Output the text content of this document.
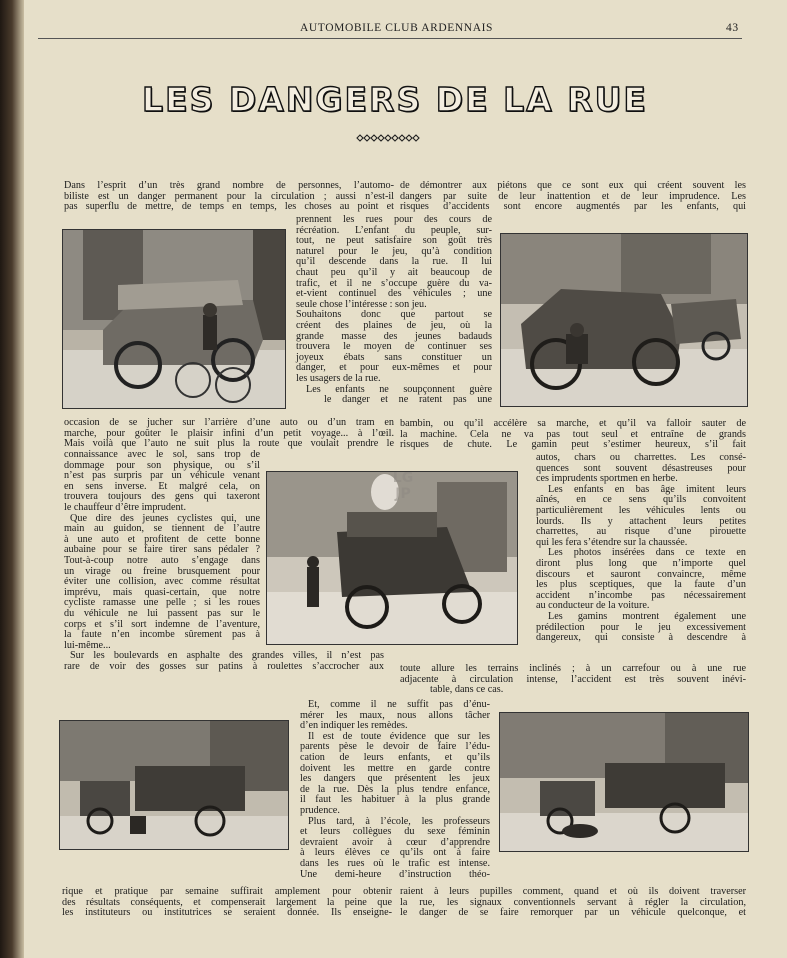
AUTOMOBILE CLUB ARDENNAIS	43
LES DANGERS DE LA RUE
LG JP

Dans l’esprit d’un très grand nombre de personnes, l’automo-

biliste est un danger permanent pour la circulation ; aussi n’est-il

pas superflu de mettre, de temps en temps, les choses au point et

de démontrer aux piétons que ce sont eux qui créent souvent les

dangers par suite de leur inattention et de leur imprudence. Les

risques d’accidents sont encore augmentés par les enfants, qui

prennent les rues pour des cours de

récréation. L’enfant du peuple, sur-

tout, ne peut satisfaire son goût très

naturel pour le jeu, qu’à condition

qu’il descende dans la rue. Il lui

chaut peu qu’il y ait beaucoup de

trafic, et il ne s’occupe guère du va-

et-vient continuel des véhicules ; une

seule chose l’intéresse : son jeu.

Souhaitons donc que partout se

créent des plaines de jeu, où la

grande masse des jeunes badauds

trouvera le moyen de continuer ses

joyeux ébats sans constituer un

danger, et pour eux-mêmes et pour

les usagers de la rue.

Les enfants ne soupçonnent guère

le danger et ne ratent pas une

occasion de se jucher sur l’arrière d’une auto ou d’un tram en

marche, pour goûter le plaisir infini d’un petit voyage... à l’œil.

Mais voilà que l’auto ne suit plus la route que voulait prendre le

bambin, ou qu’il accélère sa marche, et qu’il va falloir sauter de

la machine. Cela ne va pas tout seul et entraîne de grands

risques de chute. Le gamin peut s’estimer heureux, s’il fait

connaissance avec le sol, sans trop de

dommage pour son physique, ou s’il

n’est pas surpris par un véhicule venant

en sens inverse. Et malgré cela, on

trouvera toujours des gens qui taxeront

le chauffeur d’être imprudent.

Que dire des jeunes cyclistes qui, une

main au guidon, se tiennent de l’autre

à une auto et profitent de cette bonne

aubaine pour se faire tirer sans pédaler ?

Tout-à-coup notre auto s’engage dans

un virage ou freine brusquement pour

éviter une collision, avec comme résultat

imprévu, mais quasi-certain, que notre

cycliste ramasse une pelle ; si les roues

du véhicule ne lui passent pas sur le

corps et s’il sort indemne de l’aventure,

la faute n’en incombe sûrement pas à

lui-même...

Sur les boulevards en asphalte des grandes villes, il n’est pas

rare de voir des gosses sur patins à roulettes s’accrocher aux

autos, chars ou charrettes. Les consé-

quences sont souvent désastreuses pour

ces imprudents sportmen en herbe.

Les enfants en bas âge imitent leurs

aînés, en ce sens qu’ils convoitent

particulièrement les véhicules lents ou

lourds. Ils y attachent leurs petites

charrettes, au risque d’une pirouette

qui les fera s’étendre sur la chaussée.

Les photos insérées dans ce texte en

diront plus long que n’importe quel

discours et sauront convaincre, même

les plus sceptiques, que la faute d’un

accident n’incombe pas nécessairement

au conducteur de la voiture.

Les gamins montrent également une

prédilection pour le jeu excessivement

dangereux, qui consiste à descendre à

toute allure les terrains inclinés ; à un carrefour ou à une rue

adjacente à circulation intense, l’accident est très souvent inévi-

table, dans ce cas.

Et, comme il ne suffit pas d’énu-

mérer les maux, nous allons tâcher

d’en indiquer les remèdes.

Il est de toute évidence que sur les

parents pèse le devoir de faire l’édu-

cation de leurs enfants, et qu’ils

doivent les mettre en garde contre

les dangers que présentent les jeux

de la rue. Dès la plus tendre enfance,

il faut les habituer à la plus grande

prudence.

Plus tard, à l’école, les professeurs

et leurs collègues du sexe féminin

devraient avoir à cœur d’apprendre

à leurs élèves ce qu’ils ont à faire

dans les rues où le trafic est intense.

Une demi-heure d’instruction théo-

rique et pratique par semaine suffirait amplement pour obtenir

des résultats conséquents, et compenserait largement la peine que

les instituteurs ou institutrices se seraient donnée. Ils enseigne-

raient à leurs pupilles comment, quand et où ils doivent traverser

la rue, les signaux conventionnels servant à régler la circulation,

le danger de se faire remorquer par un véhicule quelconque, et
